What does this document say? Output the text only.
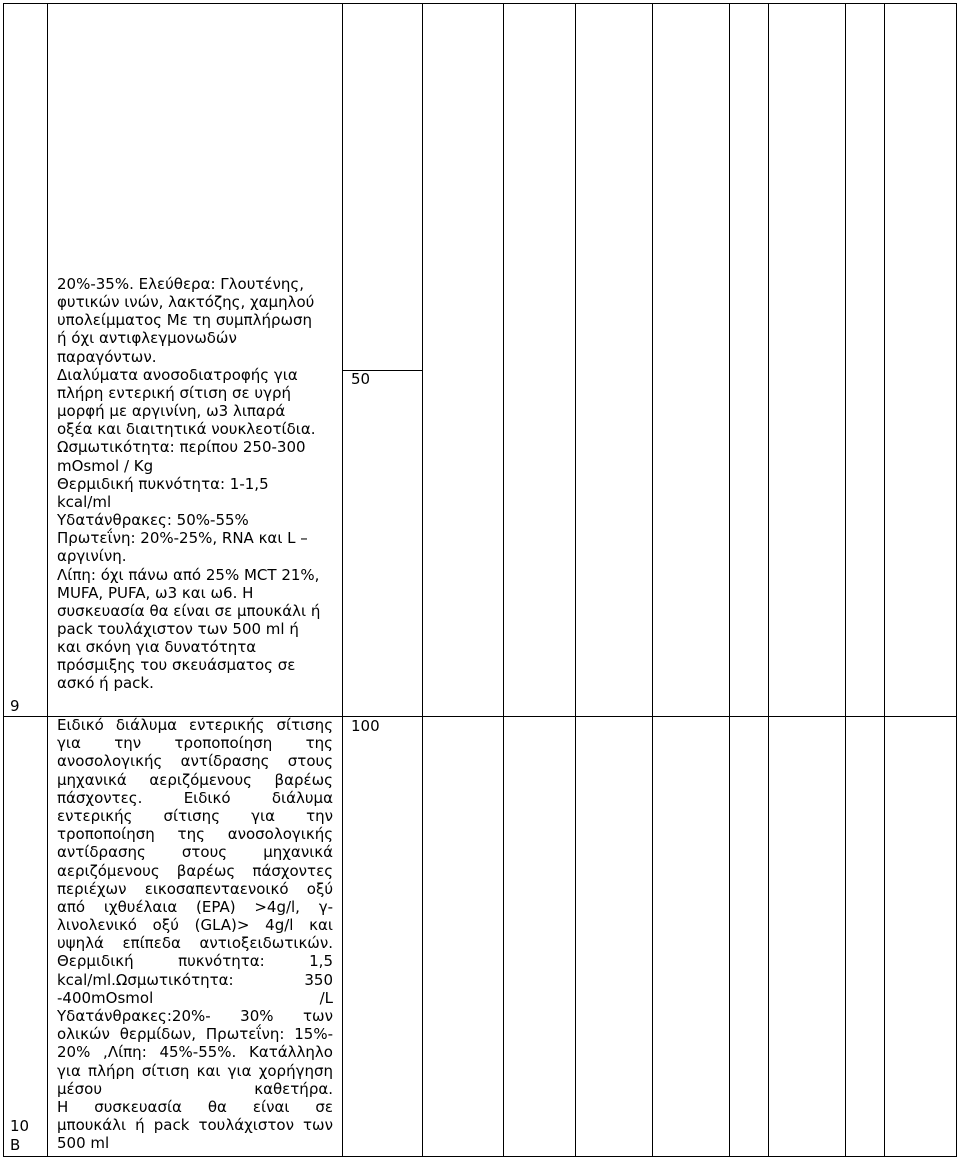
9
20%-35%. Ελεύθερα: Γλουτένης,
φυτικών ινών, λακτόζης, χαμηλού
υπολείμματος Με τη συμπλήρωση
ή όχι αντιφλεγμονωδών
παραγόντων.
Διαλύματα ανοσοδιατροφής για
πλήρη εντερική σίτιση σε υγρή
μορφή με αργινίνη, ω3 λιπαρά
οξέα και διαιτητικά νουκλεοτίδια.
Ωσμωτικότητα: περίπου 250-300
mOsmol / Kg
Θερμιδική πυκνότητα: 1-1,5
kcal/ml
Υδατάνθρακες: 50%-55%
Πρωτεΐνη: 20%-25%, RNA και L –
αργινίνη.
Λίπη: όχι πάνω από 25% MCT 21%,
MUFA, PUFA, ω3 και ω6. Η
συσκευασία θα είναι σε μπουκάλι ή
pack τουλάχιστον των 500 ml ή
και σκόνη για δυνατότητα
πρόσμιξης του σκευάσματος σε
ασκό ή pack.
50
10
B
Ειδικό διάλυμα εντερικής σίτισης
για την τροποποίηση της
ανοσολογικής αντίδρασης στους
μηχανικά αεριζόμενους βαρέως
πάσχοντες. Ειδικό διάλυμα
εντερικής σίτισης για την
τροποποίηση της ανοσολογικής
αντίδρασης στους μηχανικά
αεριζόμενους βαρέως πάσχοντες
περιέχων εικοσαπενταενοικό οξύ
από ιχθυέλαια (EPA) >4g/l, γ-
λινολενικό οξύ (GLA)> 4g/l και
υψηλά επίπεδα αντιοξειδωτικών.
Θερμιδική πυκνότητα: 1,5
kcal/ml.Ωσμωτικότητα: 350
-400mOsmol /L
Υδατάνθρακες:20%- 30% των
ολικών θερμίδων, Πρωτεΐνη: 15%-
20% ,Λίπη: 45%-55%. Κατάλληλο
για πλήρη σίτιση και για χορήγηση
μέσου καθετήρα.
Η συσκευασία θα είναι σε
μπουκάλι ή pack τουλάχιστον των
500 ml
100
